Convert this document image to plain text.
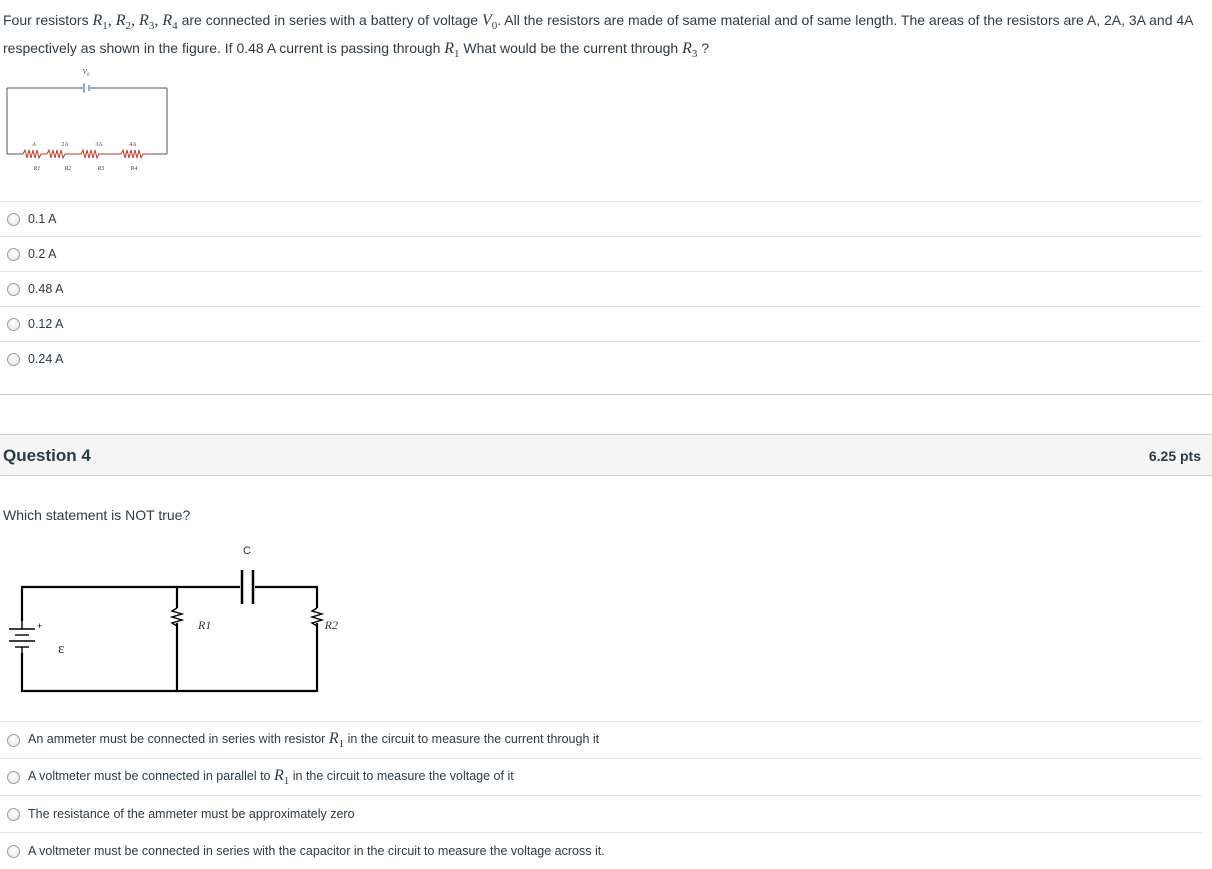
Four resistors $R_1$, $R_2$, $R_3$, $R_4$ are connected in series with a battery of voltage $V_0$. All the resistors are made of same material and of same length. The areas of the resistors are A, 2A, 3A and 4A respectively as shown in the figure. If 0.48 A current is passing through $R_1$ What would be the current through $R_3$ ?
$V_0$
A	2A	3A	4A
R1	R2	R3	R4
0.1 A
0.2 A
0.48 A
0.12 A
0.24 A
Question 4	6.25 pts
Which statement is NOT true?
C
R1	R2
+
ε
An ammeter must be connected in series with resistor $R_1$ in the circuit to measure the current through it
A voltmeter must be connected in parallel to $R_1$ in the circuit to measure the voltage of it
The resistance of the ammeter must be approximately zero
A voltmeter must be connected in series with the capacitor in the circuit to measure the voltage across it.
